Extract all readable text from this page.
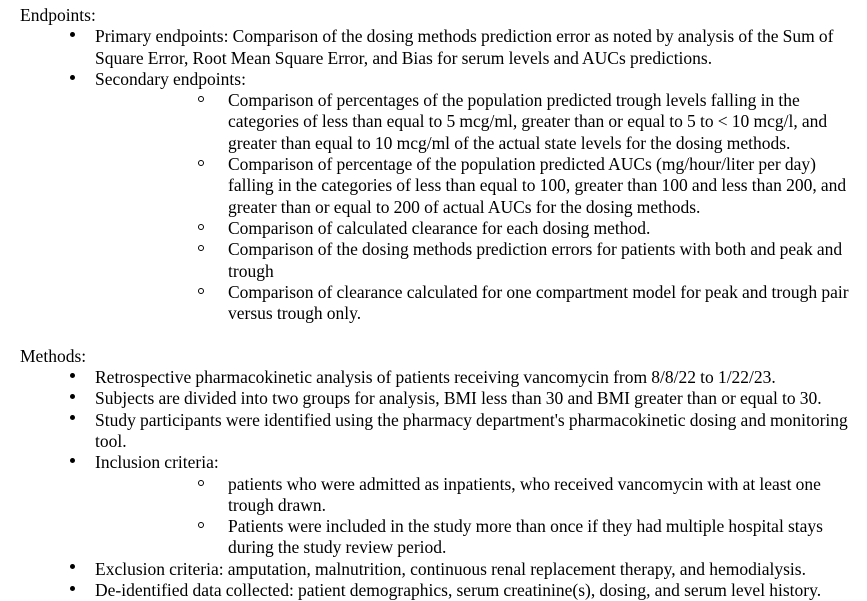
Endpoints:

Primary endpoints: Comparison of the dosing methods prediction error as noted by analysis of the Sum of Square Error, Root Mean Square Error, and Bias for serum levels and AUCs predictions.
Secondary endpoints:
Comparison of percentages of the population predicted trough levels falling in the categories of less than equal to 5 mcg/ml, greater than or equal to 5 to < 10 mcg/l, and greater than equal to 10 mcg/ml of the actual state levels for the dosing methods.
Comparison of percentage of the population predicted AUCs (mg/hour/liter per day) falling in the categories of less than equal to 100, greater than 100 and less than 200, and greater than or equal to 200 of actual AUCs for the dosing methods.
Comparison of calculated clearance for each dosing method.
Comparison of the dosing methods prediction errors for patients with both and peak and trough
Comparison of clearance calculated for one compartment model for peak and trough pair versus trough only.

Methods:

Retrospective pharmacokinetic analysis of patients receiving vancomycin from 8/8/22 to 1/22/23.
Subjects are divided into two groups for analysis, BMI less than 30 and BMI greater than or equal to 30.
Study participants were identified using the pharmacy department's pharmacokinetic dosing and monitoring tool.
Inclusion criteria:
patients who were admitted as inpatients, who received vancomycin with at least one trough drawn.
Patients were included in the study more than once if they had multiple hospital stays during the study review period.
Exclusion criteria: amputation, malnutrition, continuous renal replacement therapy, and hemodialysis.
De-identified data collected: patient demographics, serum creatinine(s), dosing, and serum level history.
